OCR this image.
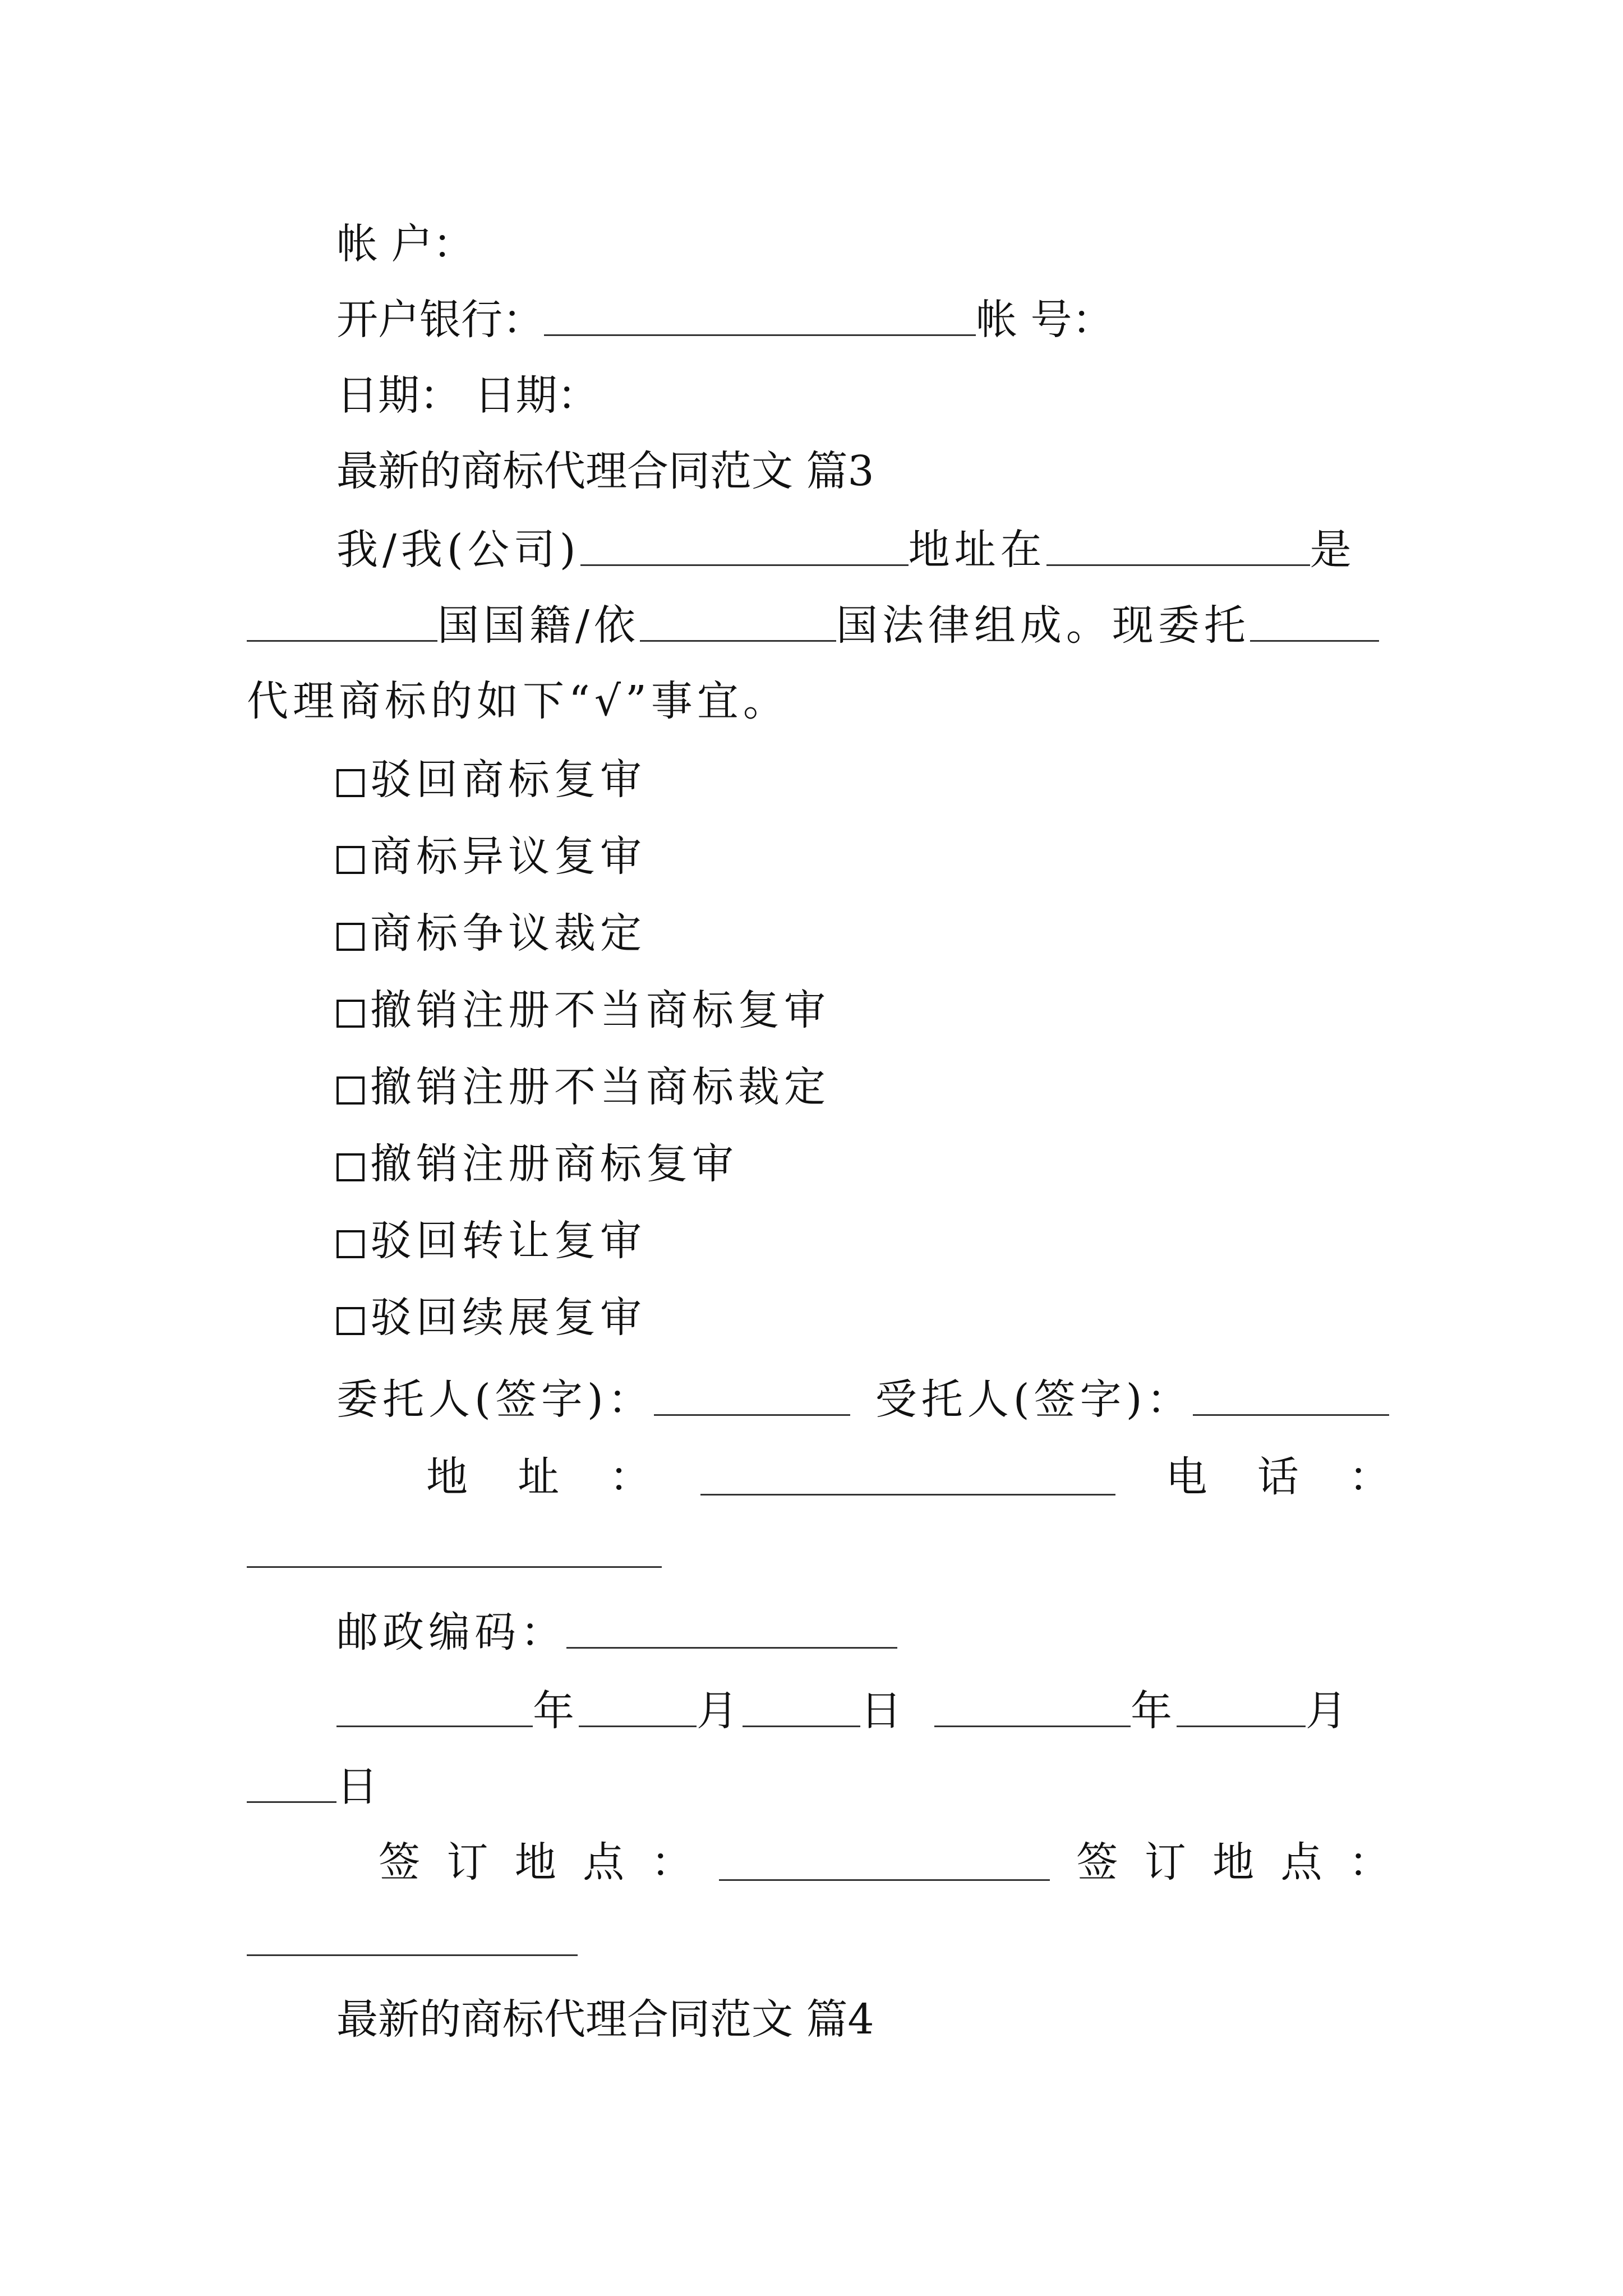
帐 户：
开户银行：	帐 号：
日期： 日期：
最新的商标代理合同范文 篇3
我/我(公司)	地址在	是
国国籍/依	国法律组成。现委托
代理商标的如下“√”事宜。
驳回商标复审
商标异议复审
商标争议裁定
撤销注册不当商标复审
撤销注册不当商标裁定
撤销注册商标复审
驳回转让复审
驳回续展复审
委托人(签字)：	受托人(签字)：
地 址 ：	电 话 ：
邮政编码：
年	月	日	年	月
日
签 订 地 点 ：	签 订 地 点 ：
最新的商标代理合同范文 篇4
